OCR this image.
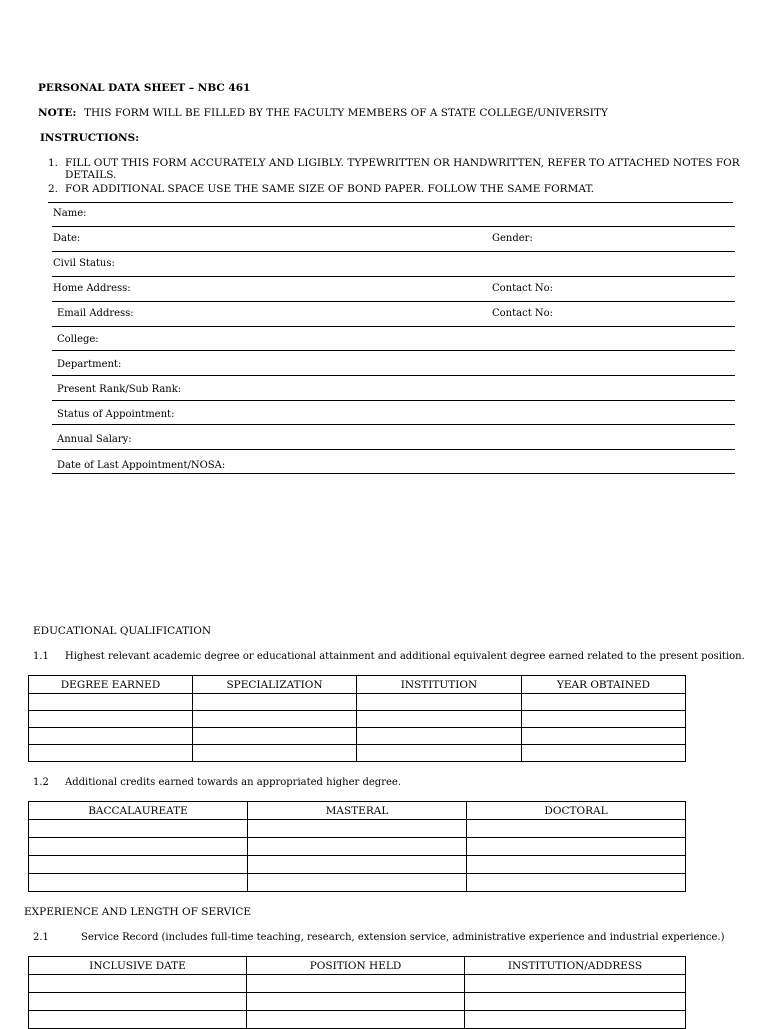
PERSONAL DATA SHEET – NBC 461
NOTE: THIS FORM WILL BE FILLED BY THE FACULTY MEMBERS OF A STATE COLLEGE/UNIVERSITY
INSTRUCTIONS:
1. FILL OUT THIS FORM ACCURATELY AND LIGIBLY. TYPEWRITTEN OR HANDWRITTEN, REFER TO ATTACHED NOTES FOR
DETAILS.
2. FOR ADDITIONAL SPACE USE THE SAME SIZE OF BOND PAPER. FOLLOW THE SAME FORMAT.
Name:
Date:	Gender:
Civil Status:
Home Address:	Contact No:
Email Address:	Contact No:
College:
Department:
Present Rank/Sub Rank:
Status of Appointment:
Annual Salary:
Date of Last Appointment/NOSA:
EDUCATIONAL QUALIFICATION
1.1 Highest relevant academic degree or educational attainment and additional equivalent degree earned related to the present position.
DEGREE EARNED	SPECIALIZATION	INSTITUTION	YEAR OBTAINED

1.2 Additional credits earned towards an appropriated higher degree.
BACCALAUREATE	MASTERAL	DOCTORAL

EXPERIENCE AND LENGTH OF SERVICE
2.1	Service Record (includes full-time teaching, research, extension service, administrative experience and industrial experience.)
INCLUSIVE DATE	POSITION HELD	INSTITUTION/ADDRESS
